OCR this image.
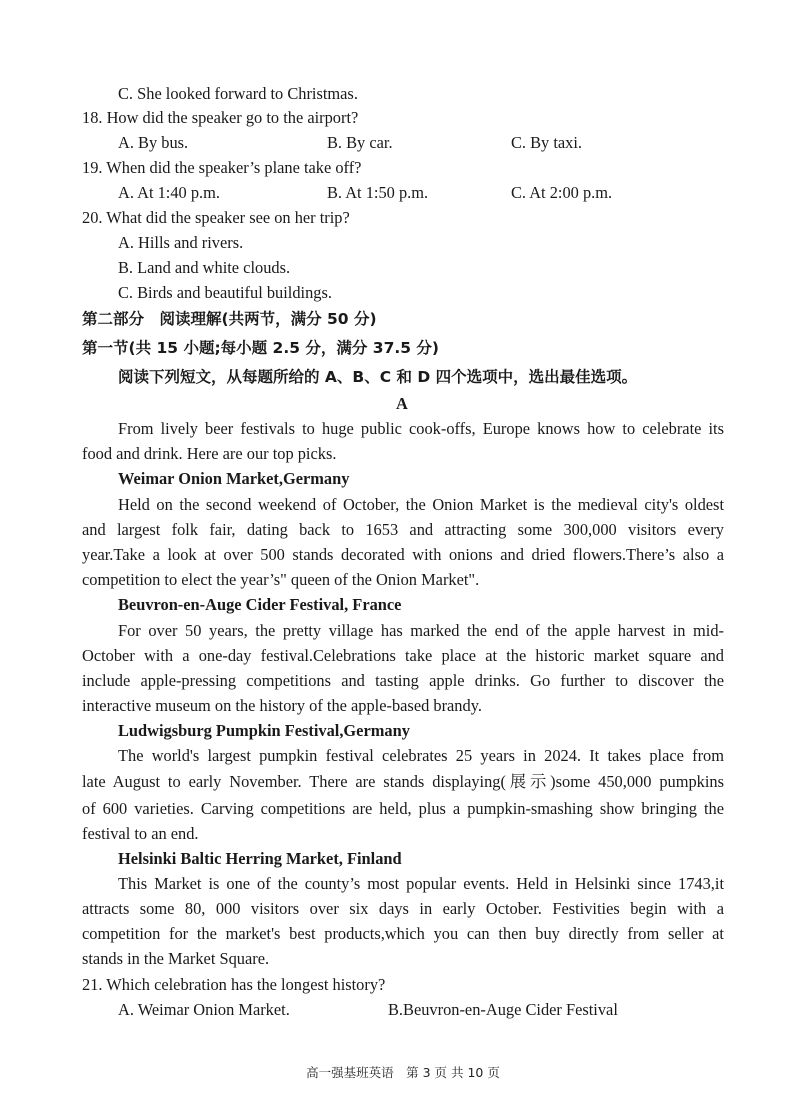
C. She looked forward to Christmas.
18. How did the speaker go to the airport?
A. By bus.	B. By car.	C. By taxi.
19. When did the speaker’s plane take off?
A. At 1:40 p.m.	B. At 1:50 p.m.	C. At 2:00 p.m.
20. What did the speaker see on her trip?
A. Hills and rivers.
B. Land and white clouds.
C. Birds and beautiful buildings.
第二部分　阅读理解(共两节，满分 50 分)
第一节(共 15 小题;每小题 2.5 分，满分 37.5 分)
阅读下列短文，从每题所给的 A、B、C 和 D 四个选项中，选出最佳选项。
A
From lively beer festivals to huge public cook-offs, Europe knows how to celebrate its
food and drink. Here are our top picks.
Weimar Onion Market,Germany
Held on the second weekend of October, the Onion Market is the medieval city's oldest
and largest folk fair, dating back to 1653 and attracting some 300,000 visitors every
year.Take a look at over 500 stands decorated with onions and dried flowers.There’s also a
competition to elect the year’s" queen of the Onion Market".
Beuvron-en-Auge Cider Festival, France
For over 50 years, the pretty village has marked the end of the apple harvest in mid-
October with a one-day festival.Celebrations take place at the historic market square and
include apple-pressing competitions and tasting apple drinks. Go further to discover the
interactive museum on the history of the apple-based brandy.
Ludwigsburg Pumpkin Festival,Germany
The world's largest pumpkin festival celebrates 25 years in 2024. It takes place from
late August to early November. There are stands displaying(展示)some 450,000 pumpkins
of 600 varieties. Carving competitions are held, plus a pumpkin-smashing show bringing the
festival to an end.
Helsinki Baltic Herring Market, Finland
This Market is one of the county’s most popular events. Held in Helsinki since 1743,it
attracts some 80, 000 visitors over six days in early October. Festivities begin with a
competition for the market's best products,which you can then buy directly from seller at
stands in the Market Square.
21. Which celebration has the longest history?
A. Weimar Onion Market.	B.Beuvron-en-Auge Cider Festival
高一强基班英语　第 3 页 共 10 页
